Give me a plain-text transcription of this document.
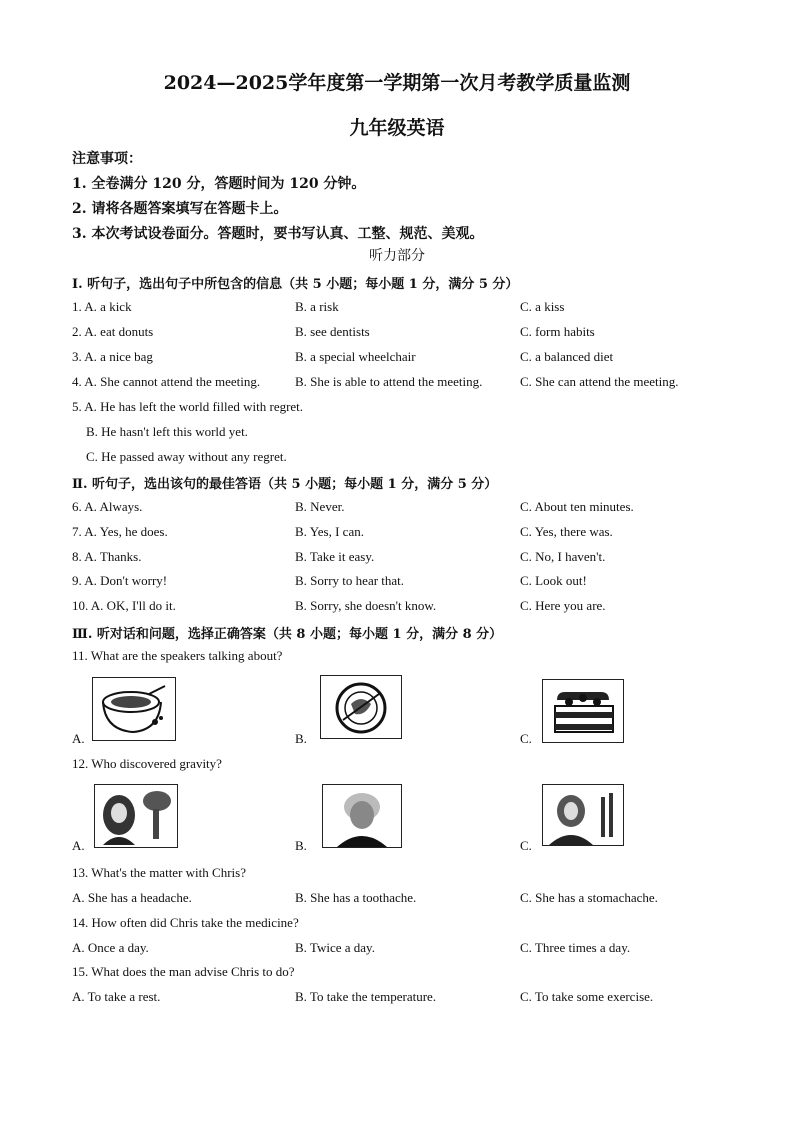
2024—2025学年度第一学期第一次月考教学质量监测
九年级英语
注意事项：
1. 全卷满分 120 分，答题时间为 120 分钟。
2. 请将各题答案填写在答题卡上。
3. 本次考试设卷面分。答题时，要书写认真、工整、规范、美观。
听力部分
I. 听句子，选出句子中所包含的信息（共 5 小题；每小题 1 分，满分 5 分）
1. A. a kick	B. a risk	C. a kiss
2. A. eat donuts	B. see dentists	C. form habits
3. A. a nice bag	B. a special wheelchair	C. a balanced diet
4. A. She cannot attend the meeting.	B. She is able to attend the meeting.	C. She can attend the meeting.
5. A. He has left the world filled with regret.
B. He hasn't left this world yet.
C. He passed away without any regret.
Ⅱ. 听句子，选出该句的最佳答语（共 5 小题；每小题 1 分，满分 5 分）
6. A. Always.	B. Never.	C. About ten minutes.
7. A. Yes, he does.	B. Yes, I can.	C. Yes, there was.
8. A. Thanks.	B. Take it easy.	C. No, I haven't.
9. A. Don't worry!	B. Sorry to hear that.	C. Look out!
10. A. OK, I'll do it.	B. Sorry, she doesn't know.	C. Here you are.
Ⅲ. 听对话和问题，选择正确答案（共 8 小题；每小题 1 分，满分 8 分）
11. What are the speakers talking about?
A.	B.	C.
12. Who discovered gravity?
A.	B.	C.
13. What's the matter with Chris?
A. She has a headache.	B. She has a toothache.	C. She has a stomachache.
14. How often did Chris take the medicine?
A. Once a day.	B. Twice a day.	C. Three times a day.
15. What does the man advise Chris to do?
A. To take a rest.	B. To take the temperature.	C. To take some exercise.
